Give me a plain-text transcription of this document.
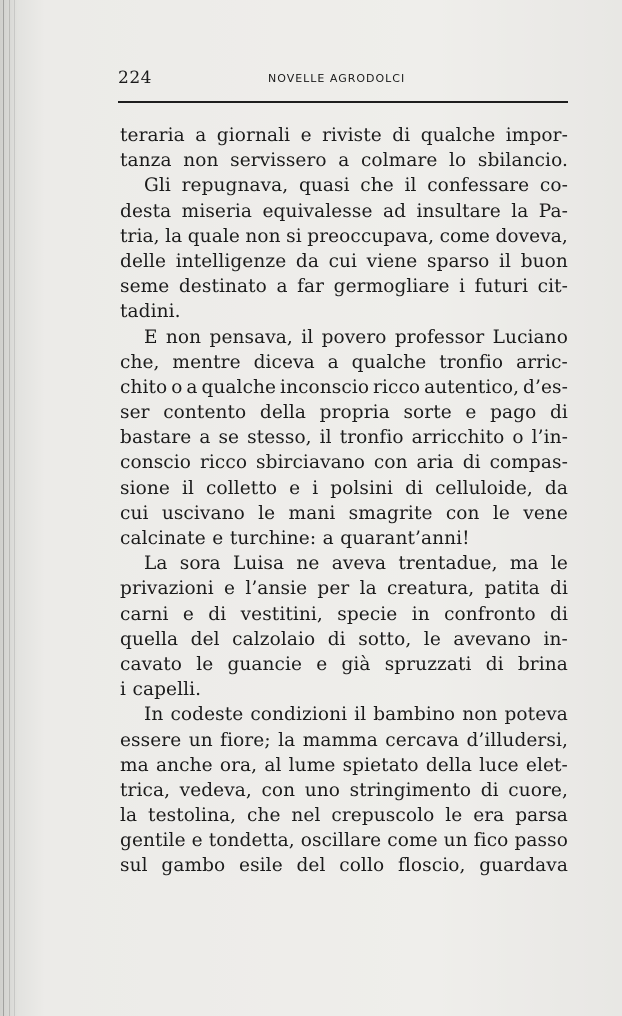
224	NOVELLE AGRODOLCI
teraria a giornali e riviste di qualche impor-
tanza non servissero a colmare lo sbilancio.
Gli repugnava, quasi che il confessare co-
desta miseria equivalesse ad insultare la Pa-
tria, la quale non si preoccupava, come doveva,
delle intelligenze da cui viene sparso il buon
seme destinato a far germogliare i futuri cit-
tadini.
E non pensava, il povero professor Luciano
che, mentre diceva a qualche tronfio arric-
chito o a qualche inconscio ricco autentico, d’es-
ser contento della propria sorte e pago di
bastare a se stesso, il tronfio arricchito o l’in-
conscio ricco sbirciavano con aria di compas-
sione il colletto e i polsini di celluloide, da
cui uscivano le mani smagrite con le vene
calcinate e turchine: a quarant’anni!
La sora Luisa ne aveva trentadue, ma le
privazioni e l’ansie per la creatura, patita di
carni e di vestitini, specie in confronto di
quella del calzolaio di sotto, le avevano in-
cavato le guancie e già spruzzati di brina
i capelli.
In codeste condizioni il bambino non poteva
essere un fiore; la mamma cercava d’illudersi,
ma anche ora, al lume spietato della luce elet-
trica, vedeva, con uno stringimento di cuore,
la testolina, che nel crepuscolo le era parsa
gentile e tondetta, oscillare come un fico passo
sul gambo esile del collo floscio, guardava
